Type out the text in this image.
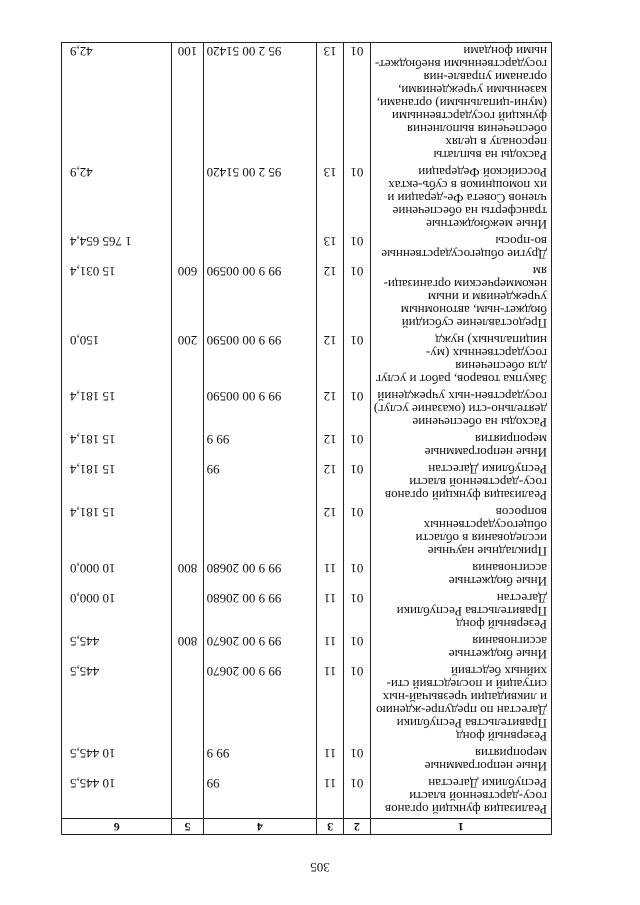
305
1	2	3	4	5	6
Реализация функций органов госу-дарственной власти Республики Дагестан	01	11	99		10 445,5
Иные непрограммные мероприятия	01	11	99 9		10 445,5
Резервный фонд Правительства Республики Дагестан по предупре-ждению и ликвидации чрезвычай-ных ситуаций и последствий сти-хийных бедствий	01	11	99 9 00 20670		445,5
Иные бюджетные ассигнования	01	11	99 9 00 20670	800	445,5
Резервный фонд Правительства Республики Дагестан	01	11	99 9 00 20680		10 000,0
Иные бюджетные ассигнования	01	11	99 9 00 20680	800	10 000,0
Прикладные научные исследования в области общегосударственных вопросов	01	12			15 181,4
Реализация функций органов госу-дарственной власти Республики Дагестан	01	12	99		15 181,4
Иные непрограммные мероприятия	01	12	99 9		15 181,4
Расходы на обеспечение деятельно-сти (оказание услуг) государствен-ных учреждений	01	12	99 9 00 00590		15 181,4
Закупка товаров, работ и услуг для обеспечения государственных (му-ниципальных) нужд	01	12	99 9 00 00590	200	150,0
Предоставление субсидий бюджет-ным, автономным учреждениям и иным некоммерческим организаци-ям	01	12	99 9 00 00590	600	15 031,4
Другие общегосударственные во-просы	01	13			1 765 654,4
Иные межбюджетные трансферты на обеспечение членов Совета Фе-дерации и их помощников в субъ-ектах Российской Федерации	01	13	95 2 00 51420		42,9
Расходы на выплаты персоналу в целях обеспечения выполнения функций государственными (муни-ципальными) органами, казенными учреждениями, органами управле-ния государственными внебюджет-ными фондами	01	13	95 2 00 51420	100	42,9
